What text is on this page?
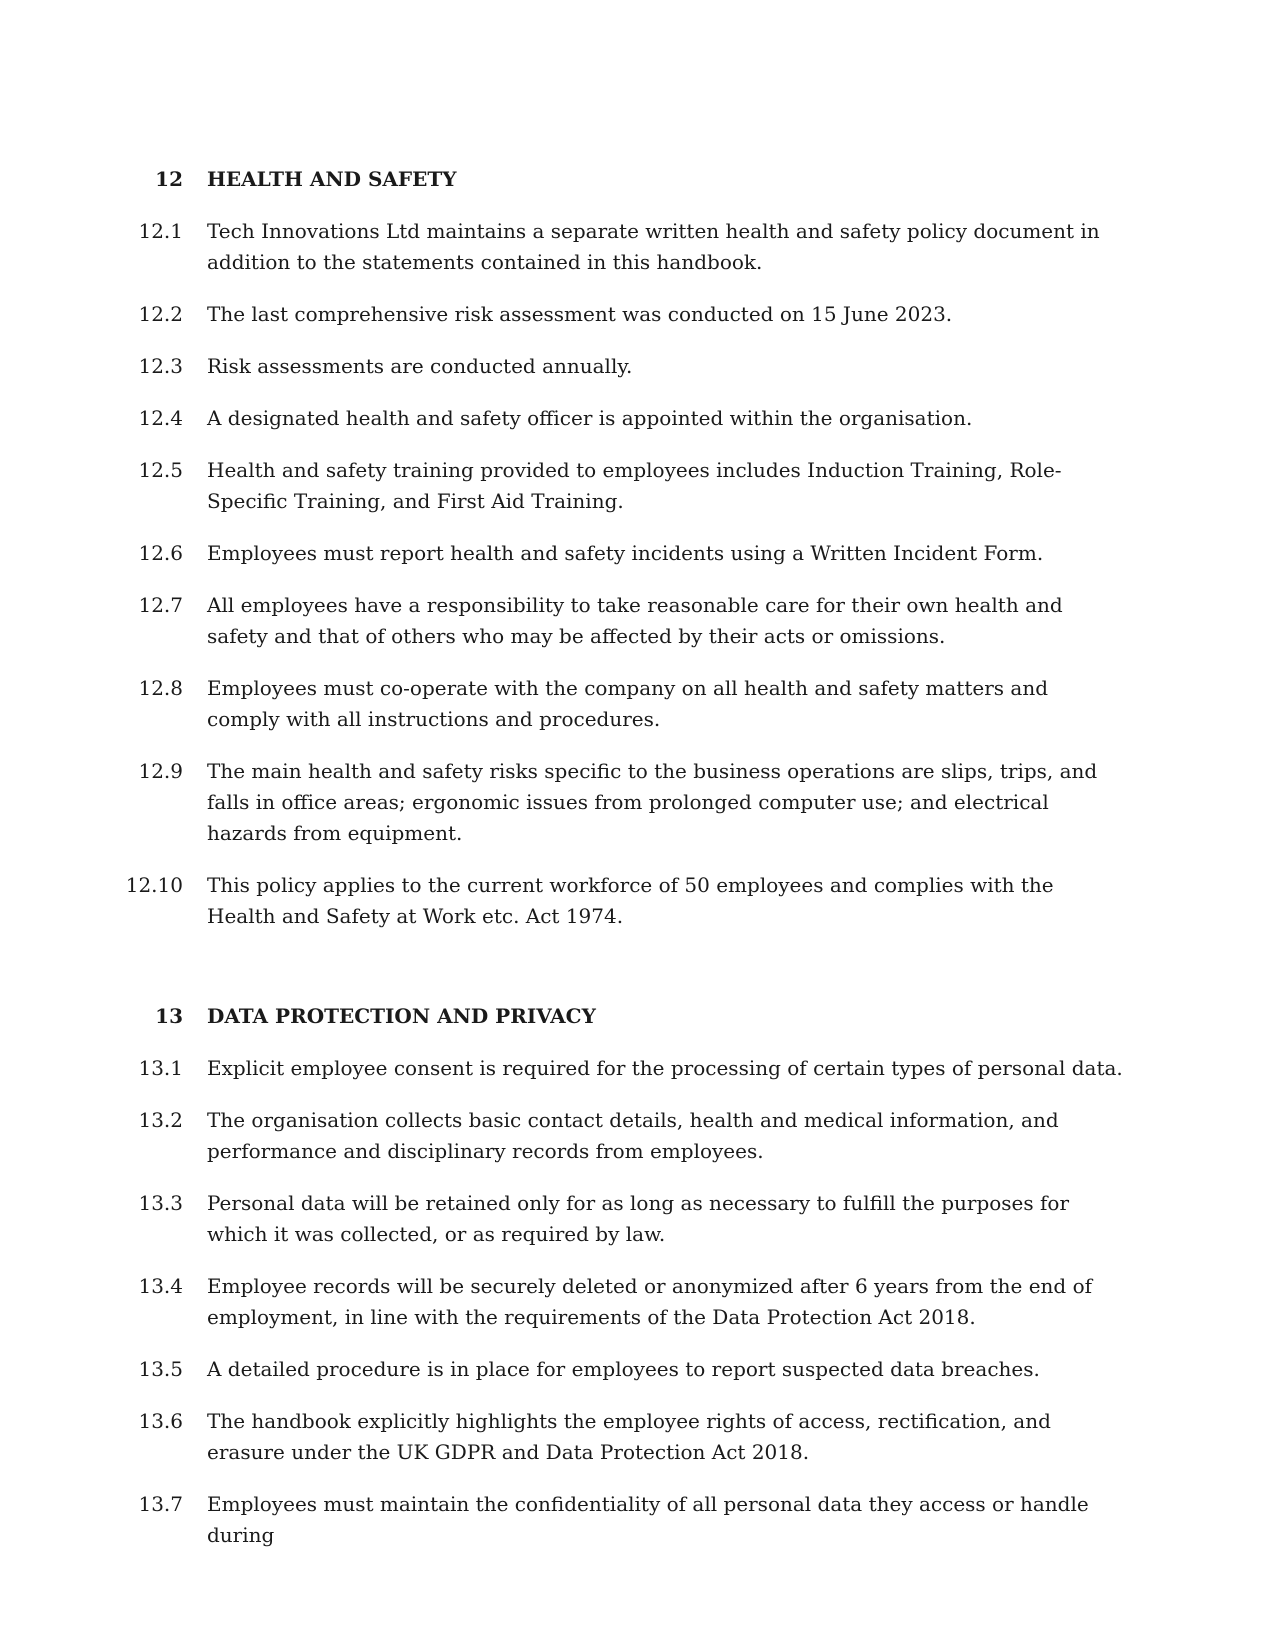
12 HEALTH AND SAFETY
12.1 Tech Innovations Ltd maintains a separate written health and safety policy document in addition to the statements contained in this handbook.
12.2 The last comprehensive risk assessment was conducted on 15 June 2023.
12.3 Risk assessments are conducted annually.
12.4 A designated health and safety officer is appointed within the organisation.
12.5 Health and safety training provided to employees includes Induction Training, Role-Specific Training, and First Aid Training.
12.6 Employees must report health and safety incidents using a Written Incident Form.
12.7 All employees have a responsibility to take reasonable care for their own health and safety and that of others who may be affected by their acts or omissions.
12.8 Employees must co-operate with the company on all health and safety matters and comply with all instructions and procedures.
12.9 The main health and safety risks specific to the business operations are slips, trips, and falls in office areas; ergonomic issues from prolonged computer use; and electrical hazards from equipment.
12.10 This policy applies to the current workforce of 50 employees and complies with the Health and Safety at Work etc. Act 1974.
13 DATA PROTECTION AND PRIVACY
13.1 Explicit employee consent is required for the processing of certain types of personal data.
13.2 The organisation collects basic contact details, health and medical information, and performance and disciplinary records from employees.
13.3 Personal data will be retained only for as long as necessary to fulfill the purposes for which it was collected, or as required by law.
13.4 Employee records will be securely deleted or anonymized after 6 years from the end of employment, in line with the requirements of the Data Protection Act 2018.
13.5 A detailed procedure is in place for employees to report suspected data breaches.
13.6 The handbook explicitly highlights the employee rights of access, rectification, and erasure under the UK GDPR and Data Protection Act 2018.
13.7 Employees must maintain the confidentiality of all personal data they access or handle during
